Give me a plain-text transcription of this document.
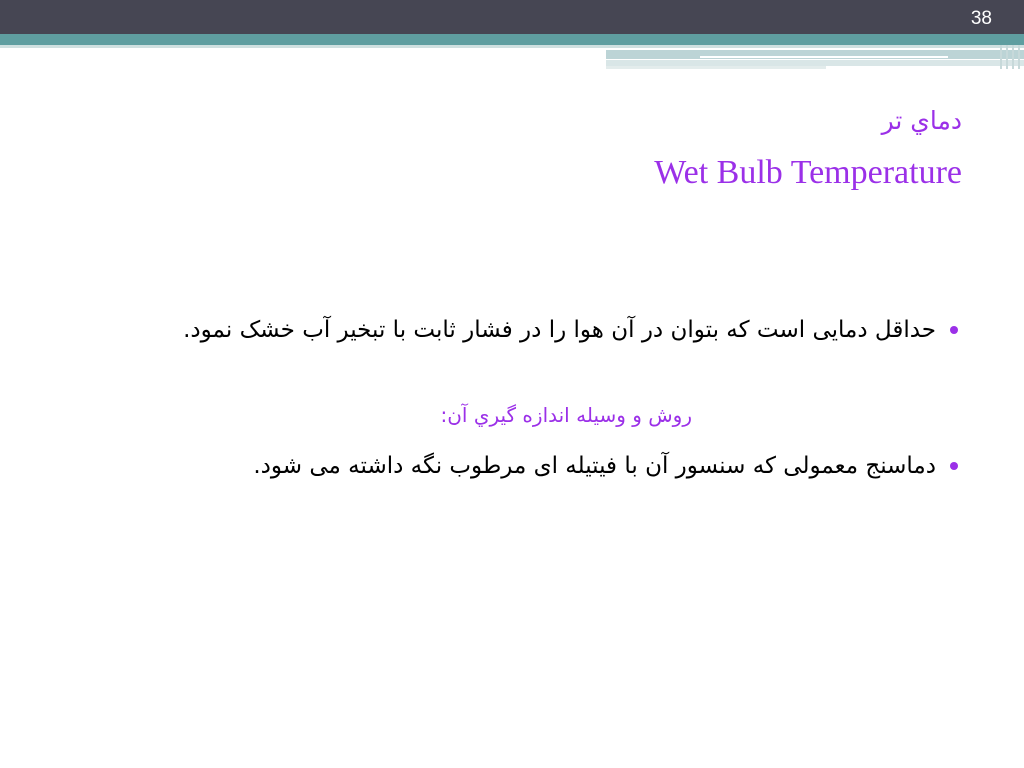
38
دماي تر
Wet Bulb Temperature
حداقل دمایی است که بتوان در آن هوا را در فشار ثابت با تبخیر آب خشک نمود.
روش و وسیله اندازه گیري آن:
دماسنج معمولی که سنسور آن با فیتیله ای مرطوب نگه داشته می شود.
